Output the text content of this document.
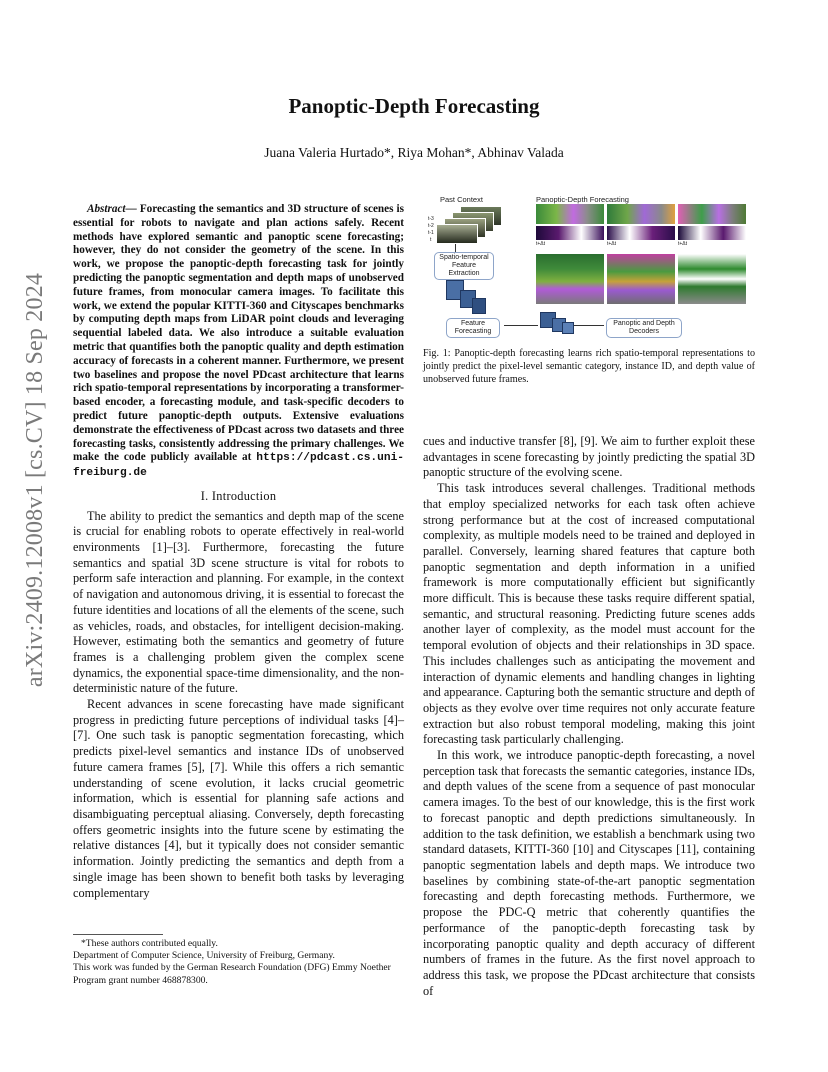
arXiv:2409.12008v1 [cs.CV] 18 Sep 2024
Panoptic-Depth Forecasting
Juana Valeria Hurtado*, Riya Mohan*, Abhinav Valada

Abstract— Forecasting the semantics and 3D structure of scenes is essential for robots to navigate and plan actions safely. Recent methods have explored semantic and panoptic scene forecasting; however, they do not consider the geometry of the scene. In this work, we propose the panoptic-depth forecasting task for jointly predicting the panoptic segmentation and depth maps of unobserved future frames, from monocular camera images. To facilitate this work, we extend the popular KITTI-360 and Cityscapes benchmarks by computing depth maps from LiDAR point clouds and leveraging sequential labeled data. We also introduce a suitable evaluation metric that quantifies both the panoptic quality and depth estimation accuracy of forecasts in a coherent manner. Furthermore, we present two baselines and propose the novel PDcast architecture that learns rich spatio-temporal representations by incorporating a transformer-based encoder, a forecasting module, and task-specific decoders to predict future panoptic-depth outputs. Extensive evaluations demonstrate the effectiveness of PDcast across two datasets and three forecasting tasks, consistently addressing the primary challenges. We make the code publicly available at https://pdcast.cs.uni-freiburg.de

I. Introduction

The ability to predict the semantics and depth map of the scene is crucial for enabling robots to operate effectively in real-world environments [1]–[3]. Furthermore, forecasting the future semantics and spatial 3D scene structure is vital for robots to perform safe interaction and planning. For example, in the context of navigation and autonomous driving, it is essential to forecast the future identities and locations of all the elements of the scene, such as vehicles, roads, and obstacles, for intelligent decision-making. However, estimating both the semantics and geometry of future frames is a challenging problem given the complex scene dynamics, the exponential space-time dimensionality, and the non-deterministic nature of the future.

Recent advances in scene forecasting have made significant progress in predicting future perceptions of individual tasks [4]–[7]. One such task is panoptic segmentation forecasting, which predicts pixel-level semantics and instance IDs of unobserved future camera frames [5], [7]. While this offers a rich semantic understanding of scene evolution, it lacks crucial geometric information, which is essential for planning safe actions and disambiguating perceptual aliasing. Conversely, depth forecasting offers geometric insights into the future scene by estimating the relative distances [4], but it typically does not consider semantic information. Jointly predicting the semantics and depth from a single image has been shown to benefit both tasks by leveraging complementary

*These authors contributed equally.
Department of Computer Science, University of Freiburg, Germany.
This work was funded by the German Research Foundation (DFG) Emmy Noether Program grant number 468878300.
Past Context	Panoptic-Depth Forecasting
t-3
t-2
t-1
t
t+Δt	t+Δt	t+Δt
Spatio-temporal Feature Extraction
Feature Forecasting
Panoptic and Depth Decoders
Fig. 1: Panoptic-depth forecasting learns rich spatio-temporal representations to jointly predict the pixel-level semantic category, instance ID, and depth value of unobserved future frames.

cues and inductive transfer [8], [9]. We aim to further exploit these advantages in scene forecasting by jointly predicting the spatial 3D panoptic structure of the evolving scene.

This task introduces several challenges. Traditional methods that employ specialized networks for each task often achieve strong performance but at the cost of increased computational complexity, as multiple models need to be trained and deployed in parallel. Conversely, learning shared features that capture both panoptic segmentation and depth information in a unified framework is more computationally efficient but significantly more difficult. This is because these tasks require different spatial, semantic, and structural reasoning. Predicting future scenes adds another layer of complexity, as the model must account for the temporal evolution of objects and their relationships in 3D space. This includes challenges such as anticipating the movement and interaction of dynamic elements and handling changes in lighting and appearance. Capturing both the semantic structure and depth of objects as they evolve over time requires not only accurate feature extraction but also robust temporal modeling, making this joint forecasting task particularly challenging.

In this work, we introduce panoptic-depth forecasting, a novel perception task that forecasts the semantic categories, instance IDs, and depth values of the scene from a sequence of past monocular camera images. To the best of our knowledge, this is the first work to forecast panoptic and depth predictions simultaneously. In addition to the task definition, we establish a benchmark using two standard datasets, KITTI-360 [10] and Cityscapes [11], containing panoptic segmentation labels and depth maps. We introduce two baselines by combining state-of-the-art panoptic segmentation forecasting and depth forecasting methods. Furthermore, we propose the PDC-Q metric that coherently quantifies the performance of the panoptic-depth forecasting task by incorporating panoptic quality and depth accuracy of different numbers of frames in the future. As the first novel approach to address this task, we propose the PDcast architecture that consists of
